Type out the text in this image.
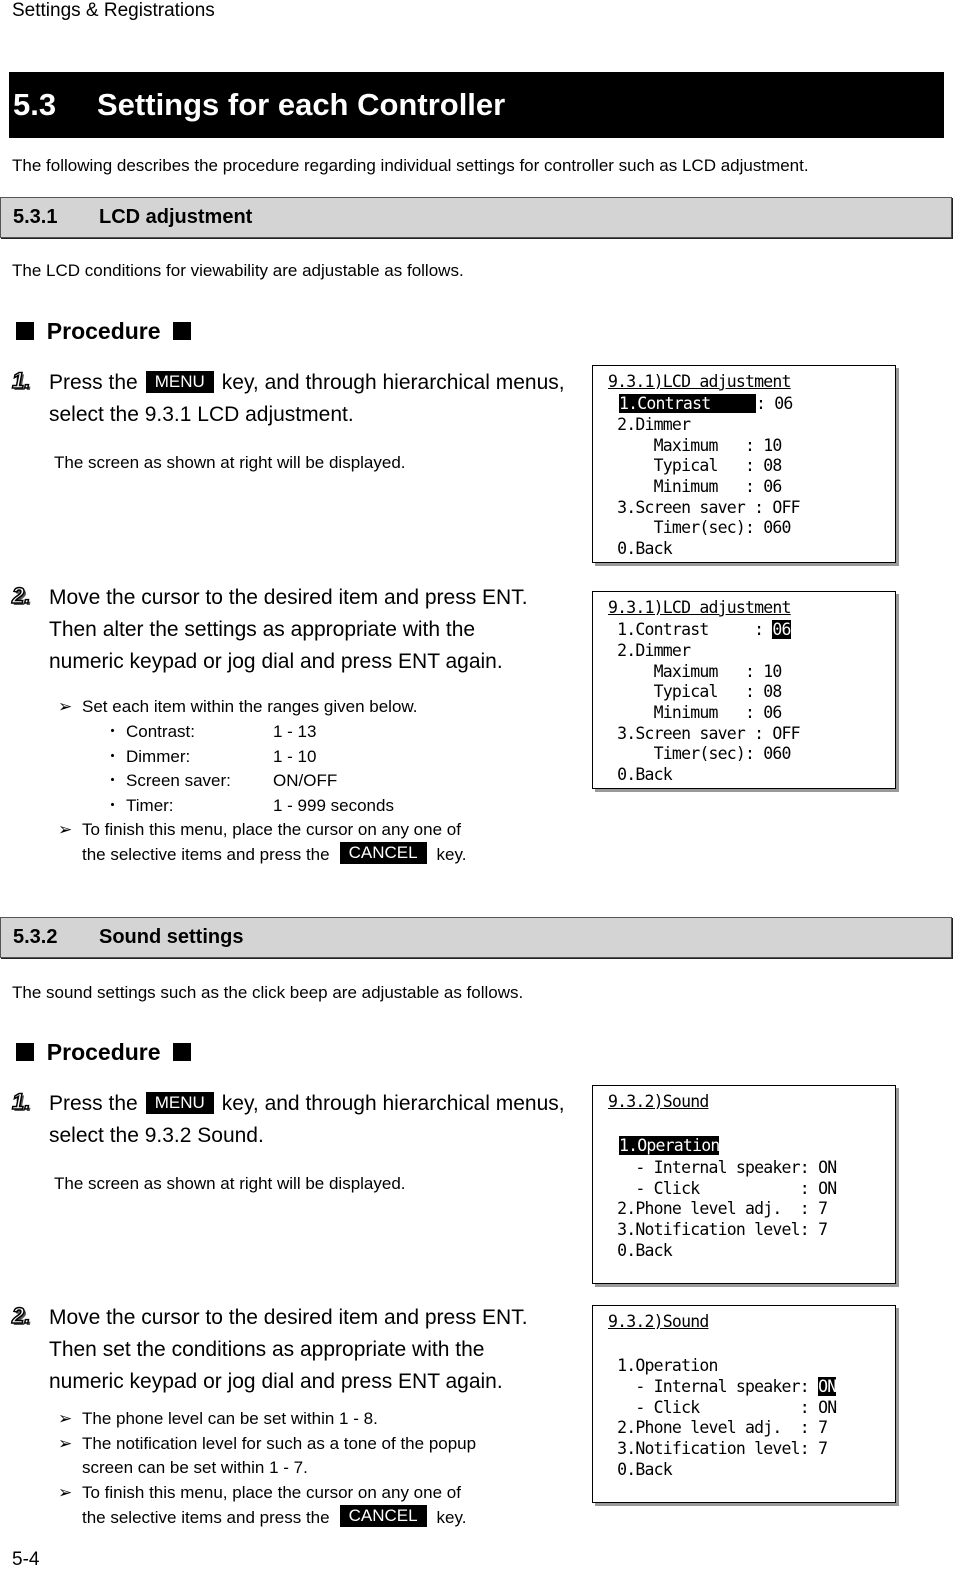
Settings & Registrations
5.3 Settings for each Controller
The following describes the procedure regarding individual settings for controller such as LCD adjustment.
5.3.1 LCD adjustment
The LCD conditions for viewability are adjustable as follows.
Procedure
1. Press the MENU key, and through hierarchical menus, select the 9.3.1 LCD adjustment.
The screen as shown at right will be displayed.
9.3.1)LCD adjustment
1.Contrast     : 06
2.Dimmer
Maximum   : 10
Typical   : 08
Minimum   : 06
3.Screen saver : OFF
Timer(sec): 060
0.Back
2. Move the cursor to the desired item and press ENT. Then alter the settings as appropriate with the numeric keypad or jog dial and press ENT again.
➢ Set each item within the ranges given below.
・ Contrast:	1 - 13
・ Dimmer:	1 - 10
・ Screen saver:	ON/OFF
・ Timer:	1 - 999 seconds
➢ To finish this menu, place the cursor on any one of
the selective items and press the CANCEL key.
9.3.1)LCD adjustment
1.Contrast     : 06
2.Dimmer
Maximum   : 10
Typical   : 08
Minimum   : 06
3.Screen saver : OFF
Timer(sec): 060
0.Back
5.3.2 Sound settings
The sound settings such as the click beep are adjustable as follows.
Procedure
1. Press the MENU key, and through hierarchical menus, select the 9.3.2 Sound.
The screen as shown at right will be displayed.
9.3.2)Sound
1.Operation
- Internal speaker: ON
- Click           : ON
2.Phone level adj.  : 7
3.Notification level: 7
0.Back
2. Move the cursor to the desired item and press ENT. Then set the conditions as appropriate with the numeric keypad or jog dial and press ENT again.
➢ The phone level can be set within 1 - 8.
➢ The notification level for such as a tone of the popup
screen can be set within 1 - 7.
➢ To finish this menu, place the cursor on any one of
the selective items and press the CANCEL key.
9.3.2)Sound
1.Operation
- Internal speaker: ON
- Click           : ON
2.Phone level adj.  : 7
3.Notification level: 7
0.Back
5-4
